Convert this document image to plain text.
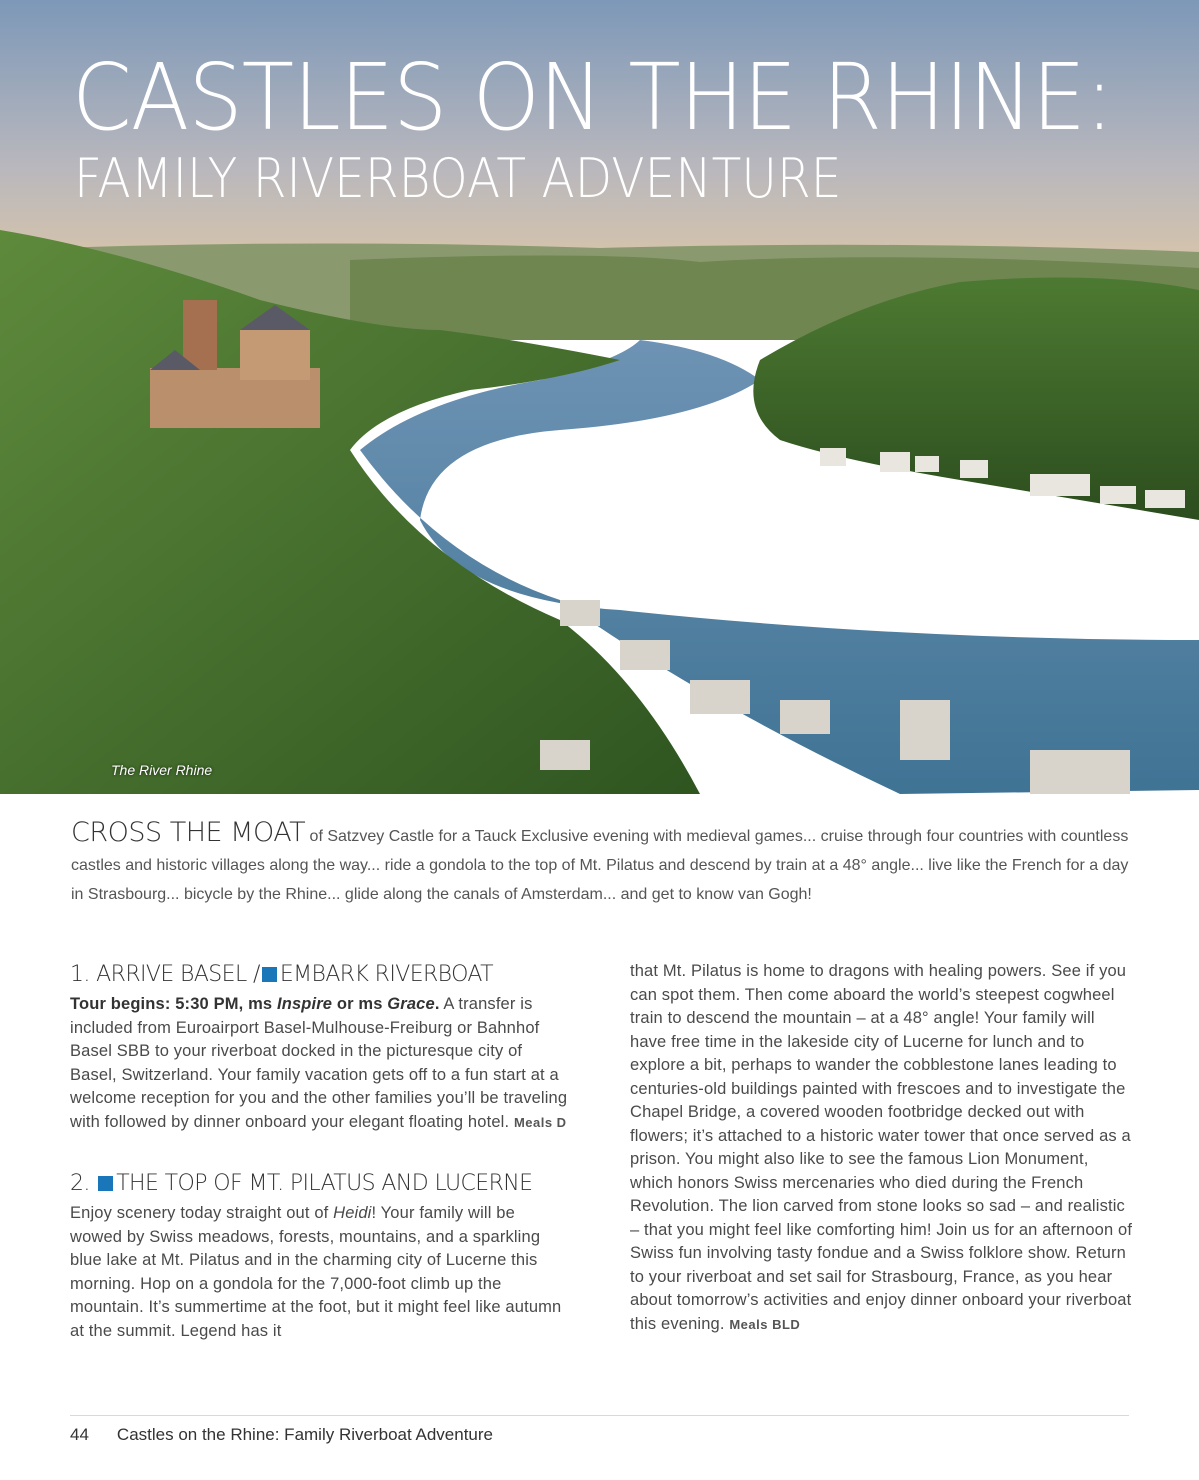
CASTLES ON THE RHINE:
FAMILY RIVERBOAT ADVENTURE
The River Rhine
CROSS THE MOAT of Satzvey Castle for a Tauck Exclusive evening with medieval games... cruise through four countries with countless castles and historic villages along the way... ride a gondola to the top of Mt. Pilatus and descend by train at a 48° angle... live like the French for a day in Strasbourg... bicycle by the Rhine... glide along the canals of Amsterdam... and get to know van Gogh!
1. ARRIVE BASEL / EMBARK RIVERBOAT

Tour begins: 5:30 PM, ms Inspire or ms Grace. A transfer is included from Euroairport Basel-Mulhouse-Freiburg or Bahnhof Basel SBB to your riverboat docked in the picturesque city of Basel, Switzerland. Your family vacation gets off to a fun start at a welcome reception for you and the other families you’ll be traveling with followed by dinner onboard your elegant floating hotel. Meals D

2. THE TOP OF MT. PILATUS AND LUCERNE

Enjoy scenery today straight out of Heidi! Your family will be wowed by Swiss meadows, forests, mountains, and a sparkling blue lake at Mt. Pilatus and in the charming city of Lucerne this morning. Hop on a gondola for the 7,000-foot climb up the mountain. It’s summertime at the foot, but it might feel like autumn at the summit. Legend has it

that Mt. Pilatus is home to dragons with healing powers. See if you can spot them. Then come aboard the world’s steepest cogwheel train to descend the mountain – at a 48° angle! Your family will have free time in the lakeside city of Lucerne for lunch and to explore a bit, perhaps to wander the cobblestone lanes leading to centuries-old buildings painted with frescoes and to investigate the Chapel Bridge, a covered wooden footbridge decked out with flowers; it’s attached to a historic water tower that once served as a prison. You might also like to see the famous Lion Monument, which honors Swiss mercenaries who died during the French Revolution. The lion carved from stone looks so sad – and realistic – that you might feel like comforting him! Join us for an afternoon of Swiss fun involving tasty fondue and a Swiss folklore show. Return to your riverboat and set sail for Strasbourg, France, as you hear about tomorrow’s activities and enjoy dinner onboard your riverboat this evening. Meals BLD

44 Castles on the Rhine: Family Riverboat Adventure
